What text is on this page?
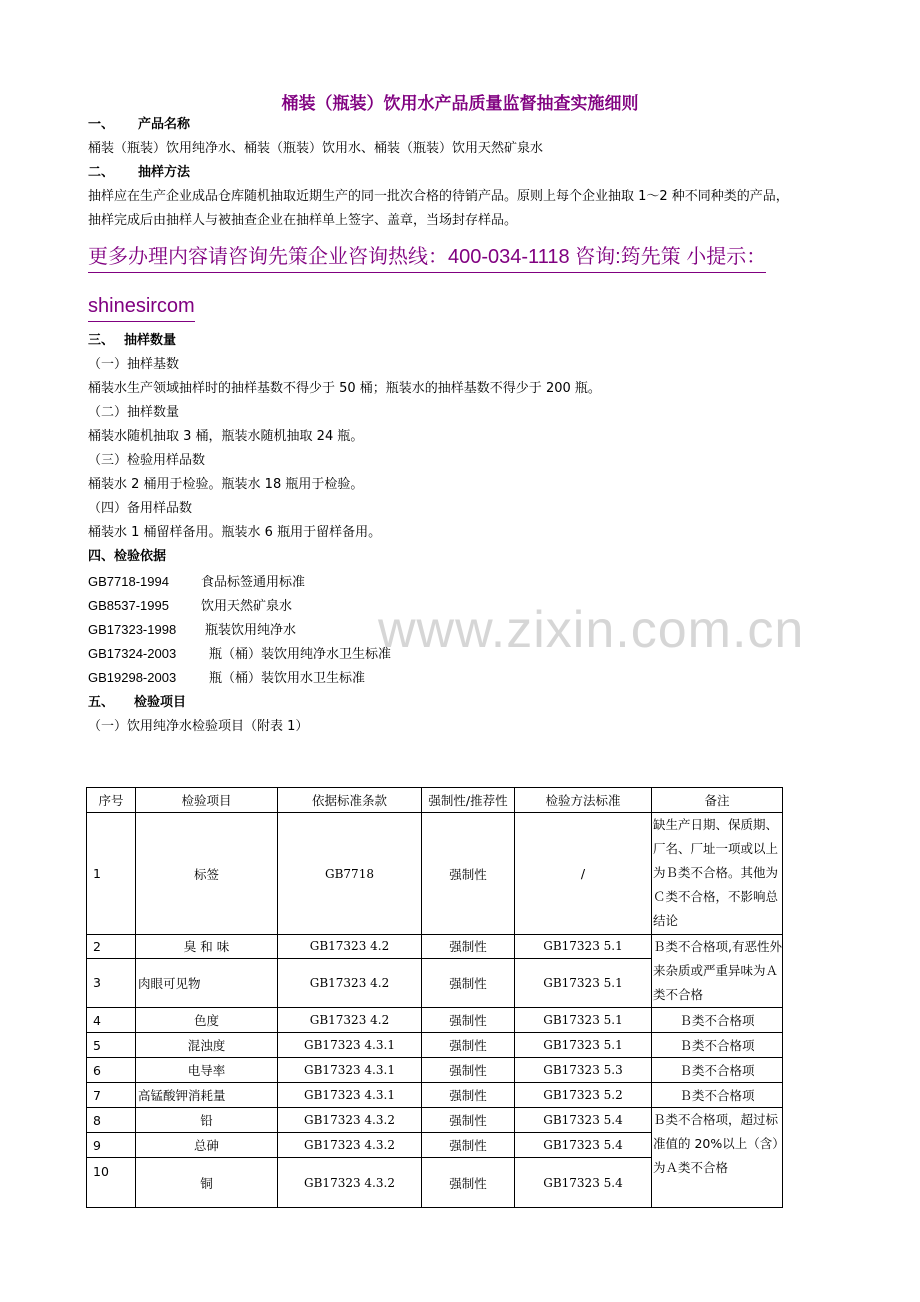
桶装（瓶装）饮用水产品质量监督抽查实施细则
一、 产品名称
桶装（瓶装）饮用纯净水、桶装（瓶装）饮用水、桶装（瓶装）饮用天然矿泉水
二、 抽样方法
抽样应在生产企业成品仓库随机抽取近期生产的同一批次合格的待销产品。原则上每个企业抽取 1～2 种不同种类的产品，
抽样完成后由抽样人与被抽查企业在抽样单上签字、盖章，当场封存样品。
更多办理内容请咨询先策企业咨询热线：400-034-1118 咨询:筠先策 小提示：
shinesircom
www.zixin.com.cn
三、 抽样数量
（一）抽样基数
桶装水生产领域抽样时的抽样基数不得少于 50 桶；瓶装水的抽样基数不得少于 200 瓶。
（二）抽样数量
桶装水随机抽取 3 桶，瓶装水随机抽取 24 瓶。
（三）检验用样品数
桶装水 2 桶用于检验。瓶装水 18 瓶用于检验。
（四）备用样品数
桶装水 1 桶留样备用。瓶装水 6 瓶用于留样备用。
四、检验依据
GB7718-1994 食品标签通用标准
GB8537-1995 饮用天然矿泉水
GB17323-1998 瓶装饮用纯净水
GB17324-2003	瓶（桶）装饮用纯净水卫生标准
GB19298-2003	瓶（桶）装饮用水卫生标准
五、 检验项目
（一）饮用纯净水检验项目（附表 1）
序号	检验项目	依据标准条款	强制性/推荐性	检验方法标准	备注
1	标签	GB7718	强制性	/	缺生产日期、保质期、厂名、厂址一项或以上为Ｂ类不合格。其他为Ｃ类不合格，不影响总结论
2	臭 和 味	GB17323 4.2	强制性	GB17323 5.1	Ｂ类不合格项,有恶性外来杂质或严重异味为Ａ类不合格
3	肉眼可见物	GB17323 4.2	强制性	GB17323 5.1	
4	色度	GB17323 4.2	强制性	GB17323 5.1	Ｂ类不合格项
5	混浊度	GB17323 4.3.1	强制性	GB17323 5.1	Ｂ类不合格项
6	电导率	GB17323 4.3.1	强制性	GB17323 5.3	Ｂ类不合格项
7	高锰酸钾消耗量	GB17323 4.3.1	强制性	GB17323 5.2	Ｂ类不合格项
8	铅	GB17323 4.3.2	强制性	GB17323 5.4	Ｂ类不合格项，超过标准值的 20%以上（含）为Ａ类不合格
9	总砷	GB17323 4.3.2	强制性	GB17323 5.4	
10	铜	GB17323 4.3.2	强制性	GB17323 5.4	
